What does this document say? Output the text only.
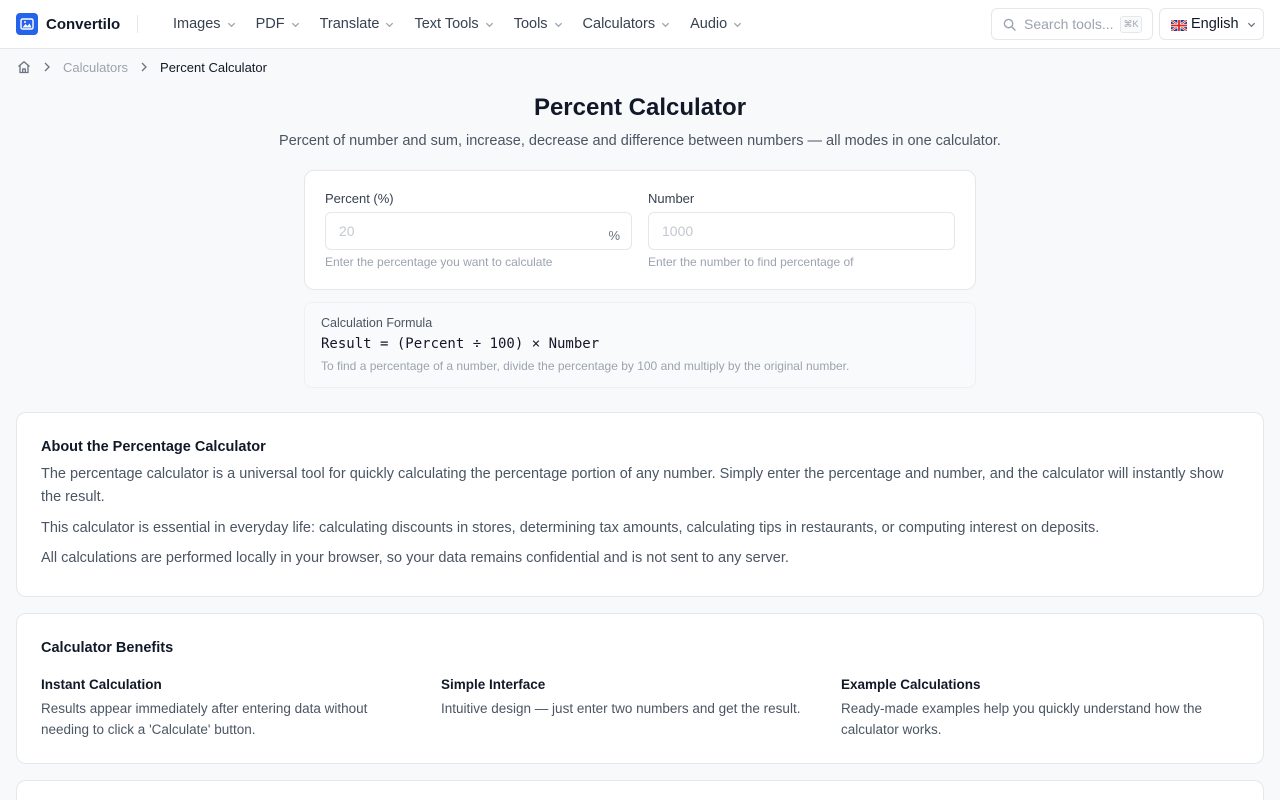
Convertilo	Images PDF Translate Text Tools Tools Calculators Audio	Search tools...	⌘K	English
Calculators Percent Calculator
Percent Calculator

Percent of number and sum, increase, decrease and difference between numbers — all modes in one calculator.

Percent (%)
20
%
Enter the percentage you want to calculate
Number
1000
Enter the number to find percentage of
Calculation Formula
Result = (Percent ÷ 100) × Number
To find a percentage of a number, divide the percentage by 100 and multiply by the original number.
About the Percentage Calculator

The percentage calculator is a universal tool for quickly calculating the percentage portion of any number. Simply enter the percentage and number, and the calculator will instantly show the result.

This calculator is essential in everyday life: calculating discounts in stores, determining tax amounts, calculating tips in restaurants, or computing interest on deposits.

All calculations are performed locally in your browser, so your data remains confidential and is not sent to any server.

Calculator Benefits
Instant Calculation
Results appear immediately after entering data without needing to click a 'Calculate' button.
Simple Interface
Intuitive design — just enter two numbers and get the result.
Example Calculations
Ready-made examples help you quickly understand how the calculator works.
